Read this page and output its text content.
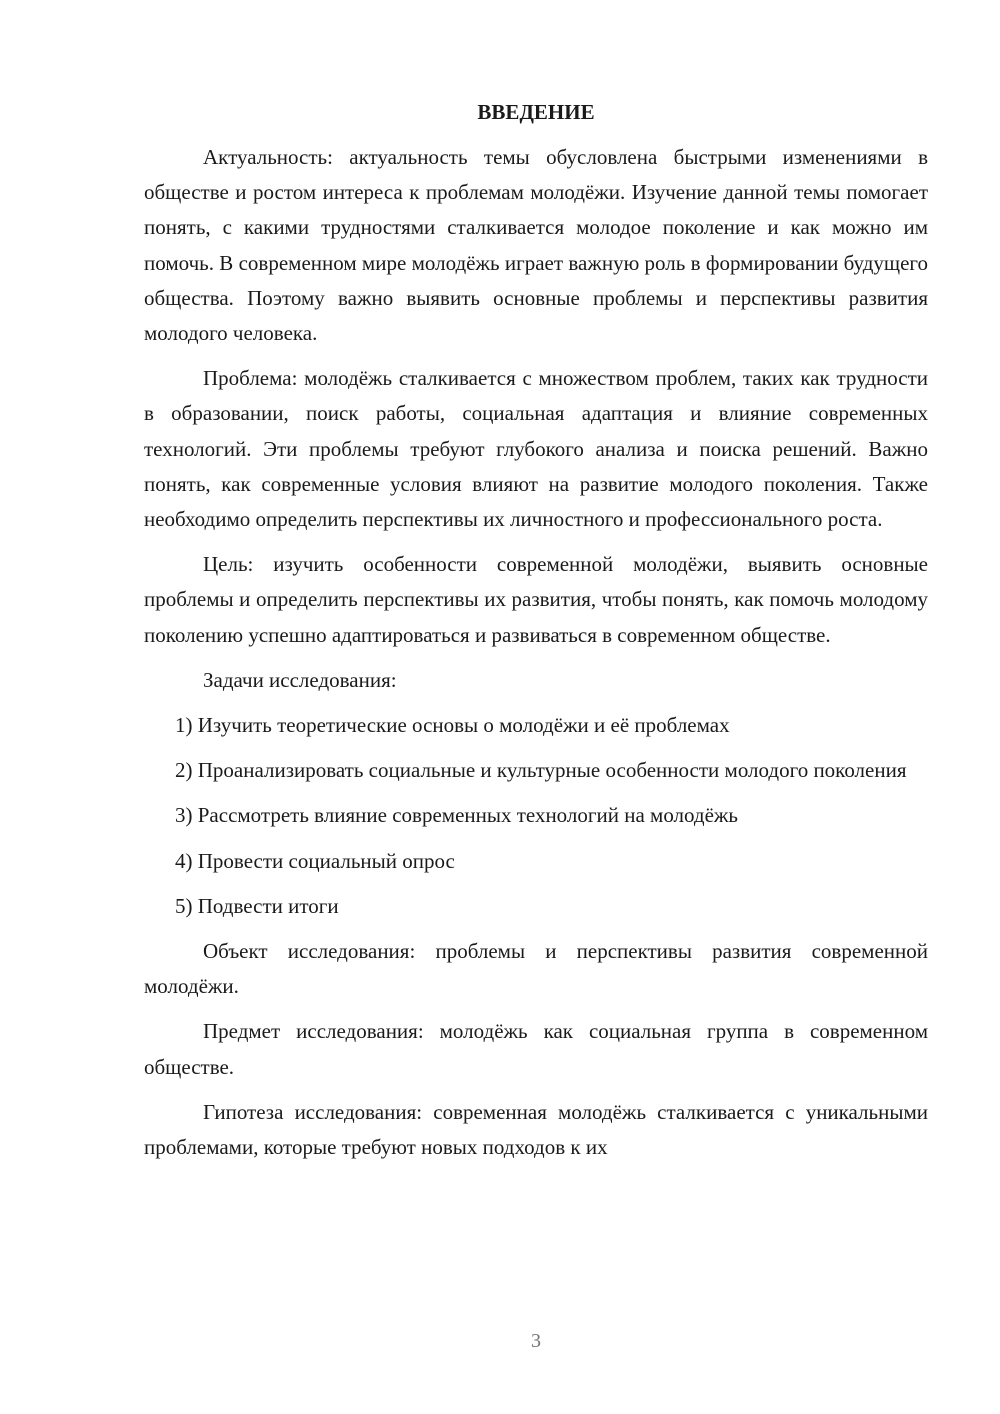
ВВЕДЕНИЕ

Актуальность: актуальность темы обусловлена быстрыми изменениями в обществе и ростом интереса к проблемам молодёжи. Изучение данной темы помогает понять, с какими трудностями сталкивается молодое поколение и как можно им помочь. В современном мире молодёжь играет важную роль в формировании будущего общества. Поэтому важно выявить основные проблемы и перспективы развития молодого человека.

Проблема: молодёжь сталкивается с множеством проблем, таких как трудности в образовании, поиск работы, социальная адаптация и влияние современных технологий. Эти проблемы требуют глубокого анализа и поиска решений. Важно понять, как современные условия влияют на развитие молодого поколения. Также необходимо определить перспективы их личностного и профессионального роста.

Цель: изучить особенности современной молодёжи, выявить основные проблемы и определить перспективы их развития, чтобы понять, как помочь молодому поколению успешно адаптироваться и развиваться в современном обществе.

Задачи исследования:

1) Изучить теоретические основы о молодёжи и её проблемах

2) Проанализировать социальные и культурные особенности молодого поколения

3) Рассмотреть влияние современных технологий на молодёжь

4) Провести социальный опрос

5) Подвести итоги

Объект исследования: проблемы и перспективы развития современной молодёжи.

Предмет исследования: молодёжь как социальная группа в современном обществе.

Гипотеза исследования: современная молодёжь сталкивается с уникальными проблемами, которые требуют новых подходов к их

3
